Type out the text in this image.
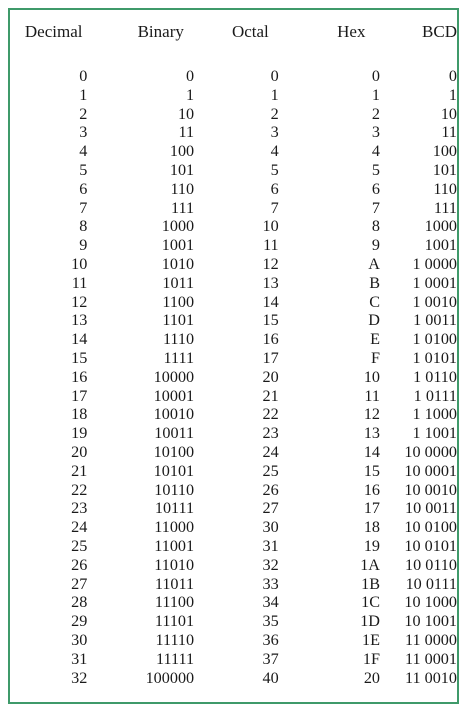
Decimal	Binary	Octal	Hex	BCD

0	0	0	0	0
1	1	1	1	1
2	10	2	2	10
3	11	3	3	11
4	100	4	4	100
5	101	5	5	101
6	110	6	6	110
7	111	7	7	111
8	1000	10	8	1000
9	1001	11	9	1001
10	1010	12	A	1 0000
11	1011	13	B	1 0001
12	1100	14	C	1 0010
13	1101	15	D	1 0011
14	1110	16	E	1 0100
15	1111	17	F	1 0101
16	10000	20	10	1 0110
17	10001	21	11	1 0111
18	10010	22	12	1 1000
19	10011	23	13	1 1001
20	10100	24	14	10 0000
21	10101	25	15	10 0001
22	10110	26	16	10 0010
23	10111	27	17	10 0011
24	11000	30	18	10 0100
25	11001	31	19	10 0101
26	11010	32	1A	10 0110
27	11011	33	1B	10 0111
28	11100	34	1C	10 1000
29	11101	35	1D	10 1001
30	11110	36	1E	11 0000
31	11111	37	1F	11 0001
32	100000	40	20	11 0010
